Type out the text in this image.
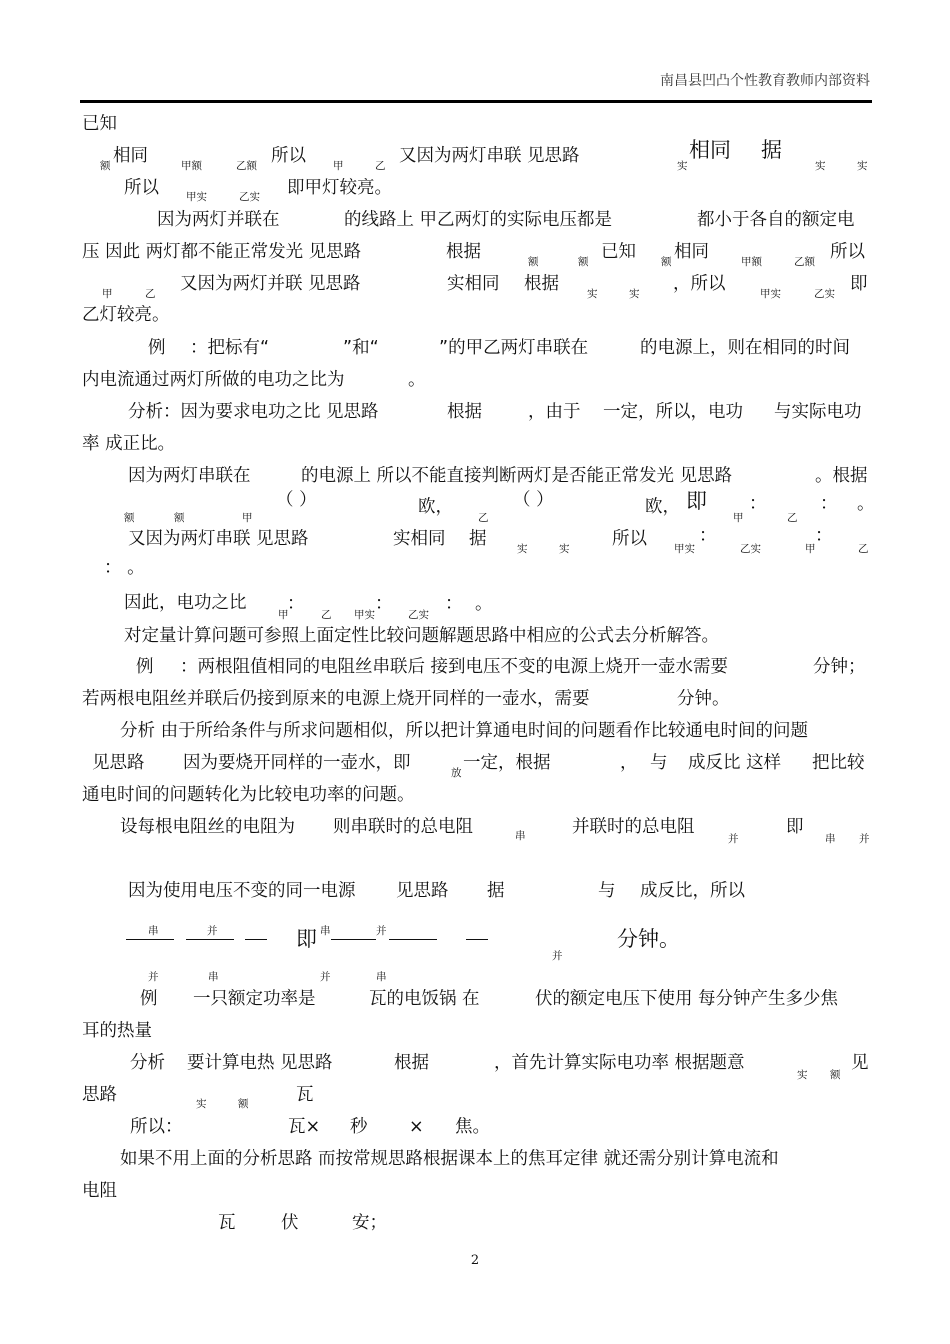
南昌县凹凸个性教育教师内部资料
已知
额 相同	甲额	乙额 所以	甲	乙 又因为两灯串联 见思路	实
相同 据
实	实
所以	甲实	乙实 即甲灯较亮。
因为两灯并联在	的线路上 甲乙两灯的实际电压都是	都小于各自的额定电
压 因此 两灯都不能正常发光 见思路	根据	额	额 已知 额 相同	甲额	乙额 所以
甲	乙 又因为两灯并联 见思路	实相同 根据	实	实 ，所以	甲实	乙实 即
乙灯较亮。
例 ：把标有“	”和“	”的甲乙两灯串联在	的电源上，则在相同的时间
内电流通过两灯所做的电功之比为	。
分析：因为要求电功之比 见思路	根据	，由于 一定，所以，电功 与实际电功
率 成正比。
因为两灯串联在	的电源上 所以不能直接判断两灯是否能正常发光 见思路	。根据
额	额	甲
（ ）	欧，
乙
（ ）	欧， 即
甲
：
乙
： 。
又因为两灯串联 见思路	实相同 据	实	实 所以	甲实
：
乙实	甲
：
乙
： 。
因此，电功之比
甲
：
乙 甲实
：
乙实
： 。
对定量计算问题可参照上面定性比较问题解题思路中相应的公式去分析解答。
例 ：两根阻值相同的电阻丝串联后 接到电压不变的电源上烧开一壶水需要	分钟；
若两根电阻丝并联后仍接到原来的电源上烧开同样的一壶水，需要	分钟。
分析 由于所给条件与所求问题相似，所以把计算通电时间的问题看作比较通电时间的问题
见思路 因为要烧开同样的一壶水，即	放 一定，根据	， 与 成反比 这样 把比较
通电时间的问题转化为比较电功率的问题。
设每根电阻丝的电阻为 则串联时的总电阻	串	并联时的总电阻
并
即
串 并
因为使用电压不变的同一电源 见思路 据	与 成反比，所以
串	并	即 串	并
并
分钟。
并	串	并	串
例 一只额定功率是	瓦的电饭锅 在	伏的额定电压下使用 每分钟产生多少焦
耳的热量
分析 要计算电热 见思路	根据	，首先计算实际电功率 根据题意
实 额
见
思路	实	额	瓦
所以：	瓦× 秒 × 焦。
如果不用上面的分析思路 而按常规思路根据课本上的焦耳定律 就还需分别计算电流和
电阻
瓦	伏	安；
2
